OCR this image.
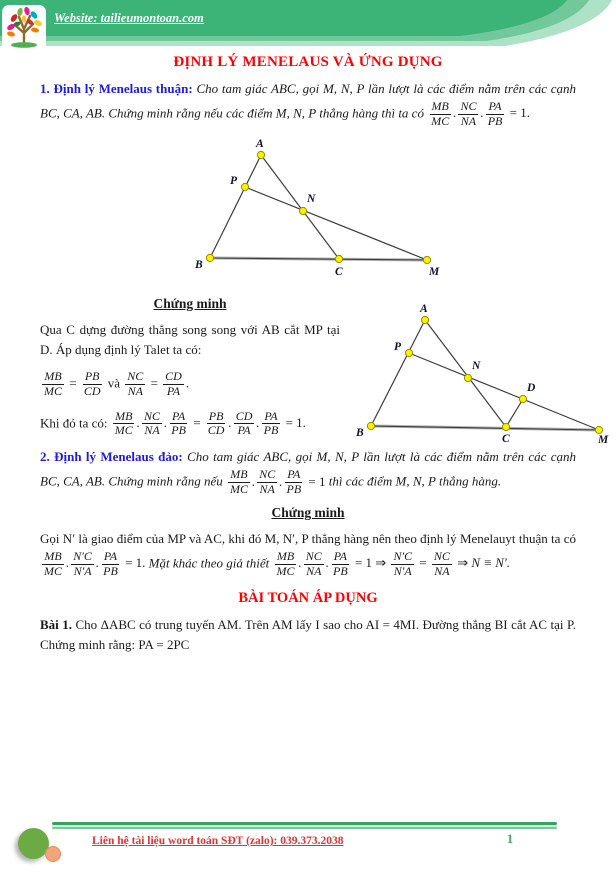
Website: tailieumontoan.com
ĐỊNH LÝ MENELAUS VÀ ỨNG DỤNG

1. Định lý Menelaus thuận: Cho tam giác ABC, gọi M, N, P lần lượt là các điểm nằm trên các cạnh BC, CA, AB. Chứng minh rằng nếu các điểm M, N, P thẳng hàng thì ta có $\frac{MB}{MC}$ . $\frac{NC}{NA}$ . $\frac{PA}{PB} = 1$.

A
P
N
B
C	M
A
P
N
D
B	C	M
Chứng minh

Qua C dựng đường thẳng song song với AB cắt MP tại D. Áp dụng định lý Talet ta có:

$\frac{MB}{MC} = \frac{PB}{CD}$ và $\frac{NC}{NA} = \frac{CD}{PA}$ .
Khi đó ta có: $\frac{MB}{MC}$ . $\frac{NC}{NA}$ . $\frac{PA}{PB} = \frac{PB}{CD}$ . $\frac{CD}{PA}$ . $\frac{PA}{PB} = 1$.

2. Định lý Menelaus đảo: Cho tam giác ABC, gọi M, N, P lần lượt là các điểm nằm trên các cạnh BC, CA, AB. Chứng minh rằng nếu $\frac{MB}{MC}$ . $\frac{NC}{NA}$ . $\frac{PA}{PB} = 1$ thì các điểm M, N, P thẳng hàng.

Chứng minh

Gọi N′ là giao điểm của MP và AC, khi đó M, N′, P thẳng hàng nên theo định lý Menelauyt thuận ta có
$\frac{MB}{MC}$ . $\frac{N'C}{N'A}$ . $\frac{PA}{PB} = 1$. Mặt khác theo giả thiết $\frac{MB}{MC}$ . $\frac{NC}{NA}$ . $\frac{PA}{PB} = 1$ ⇒ $\frac{N'C}{N'A} = \frac{NC}{NA}$ ⇒ N ≡ N′.

BÀI TOÁN ÁP DỤNG

Bài 1. Cho ΔABC có trung tuyến AM. Trên AM lấy I sao cho AI = 4MI. Đường thẳng BI cắt AC tại P. Chứng minh rằng: PA = 2PC

Liên hệ tài liệu word toán SĐT (zalo): 039.373.2038	1
